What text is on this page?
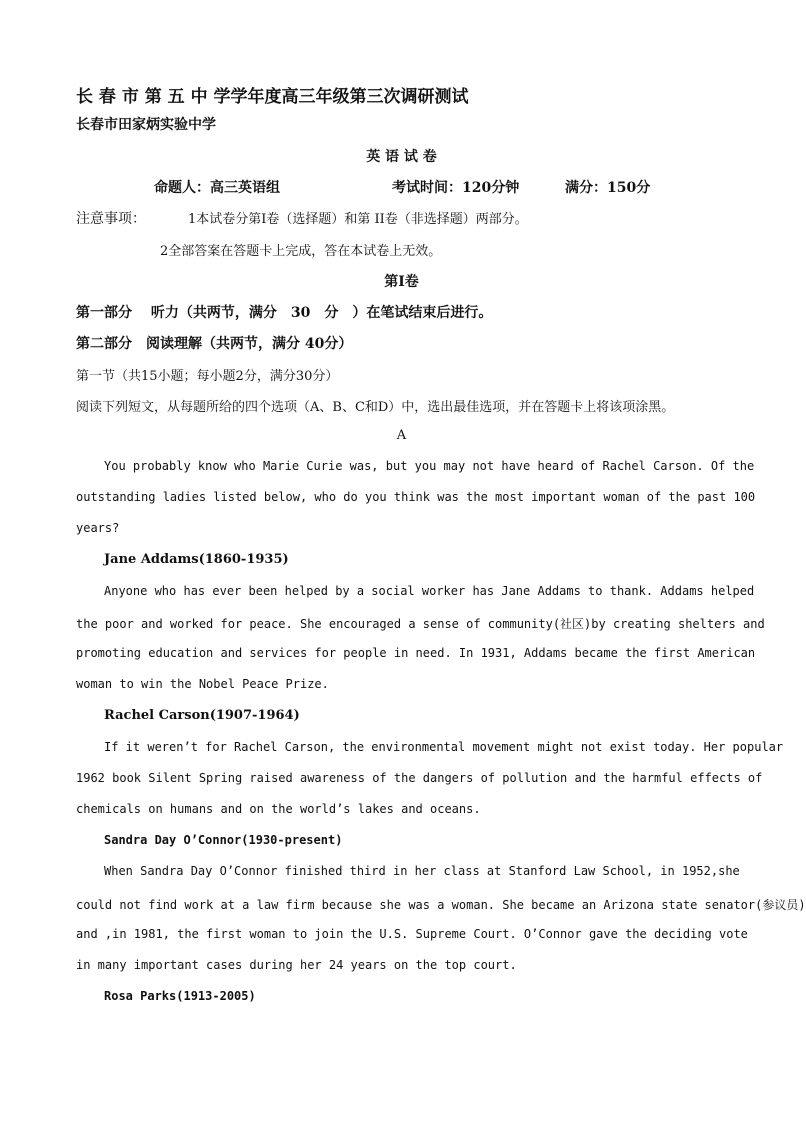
长 春 市 第 五 中 学学年度高三年级第三次调研测试
长春市田家炳实验中学
英 语 试 卷
命题人：高三英语组	考试时间：120分钟	满分：150分
注意事项：	1本试卷分第Ⅰ卷（选择题）和第 II卷（非选择题）两部分。
2全部答案在答题卡上完成，答在本试卷上无效。
第Ⅰ卷
第一部分　 听力（共两节，满分　30　分　）在笔试结束后进行。
第二部分　阅读理解（共两节，满分 40分）
第一节（共15小题；每小题2分，满分30分）
阅读下列短文，从每题所给的四个选项（A、B、C和D）中，选出最佳选项，并在答题卡上将该项涂黑。
A
You probably know who Marie Curie was, but you may not have heard of Rachel Carson. Of the
outstanding ladies listed below, who do you think was the most important woman of the past 100
years?
Jane Addams(1860-1935)
Anyone who has ever been helped by a social worker has Jane Addams to thank. Addams helped
the poor and worked for peace. She encouraged a sense of community(社区)by creating shelters and
promoting education and services for people in need. In 1931, Addams became the first American
woman to win the Nobel Peace Prize.
Rachel Carson(1907-1964)
If it weren’t for Rachel Carson, the environmental movement might not exist today. Her popular
1962 book Silent Spring raised awareness of the dangers of pollution and the harmful effects of
chemicals on humans and on the world’s lakes and oceans.
Sandra Day O’Connor(1930-present)
When Sandra Day O’Connor finished third in her class at Stanford Law School, in 1952,she
could not find work at a law firm because she was a woman. She became an Arizona state senator(参议员)
and ,in 1981, the first woman to join the U.S. Supreme Court. O’Connor gave the deciding vote
in many important cases during her 24 years on the top court.
Rosa Parks(1913-2005)
